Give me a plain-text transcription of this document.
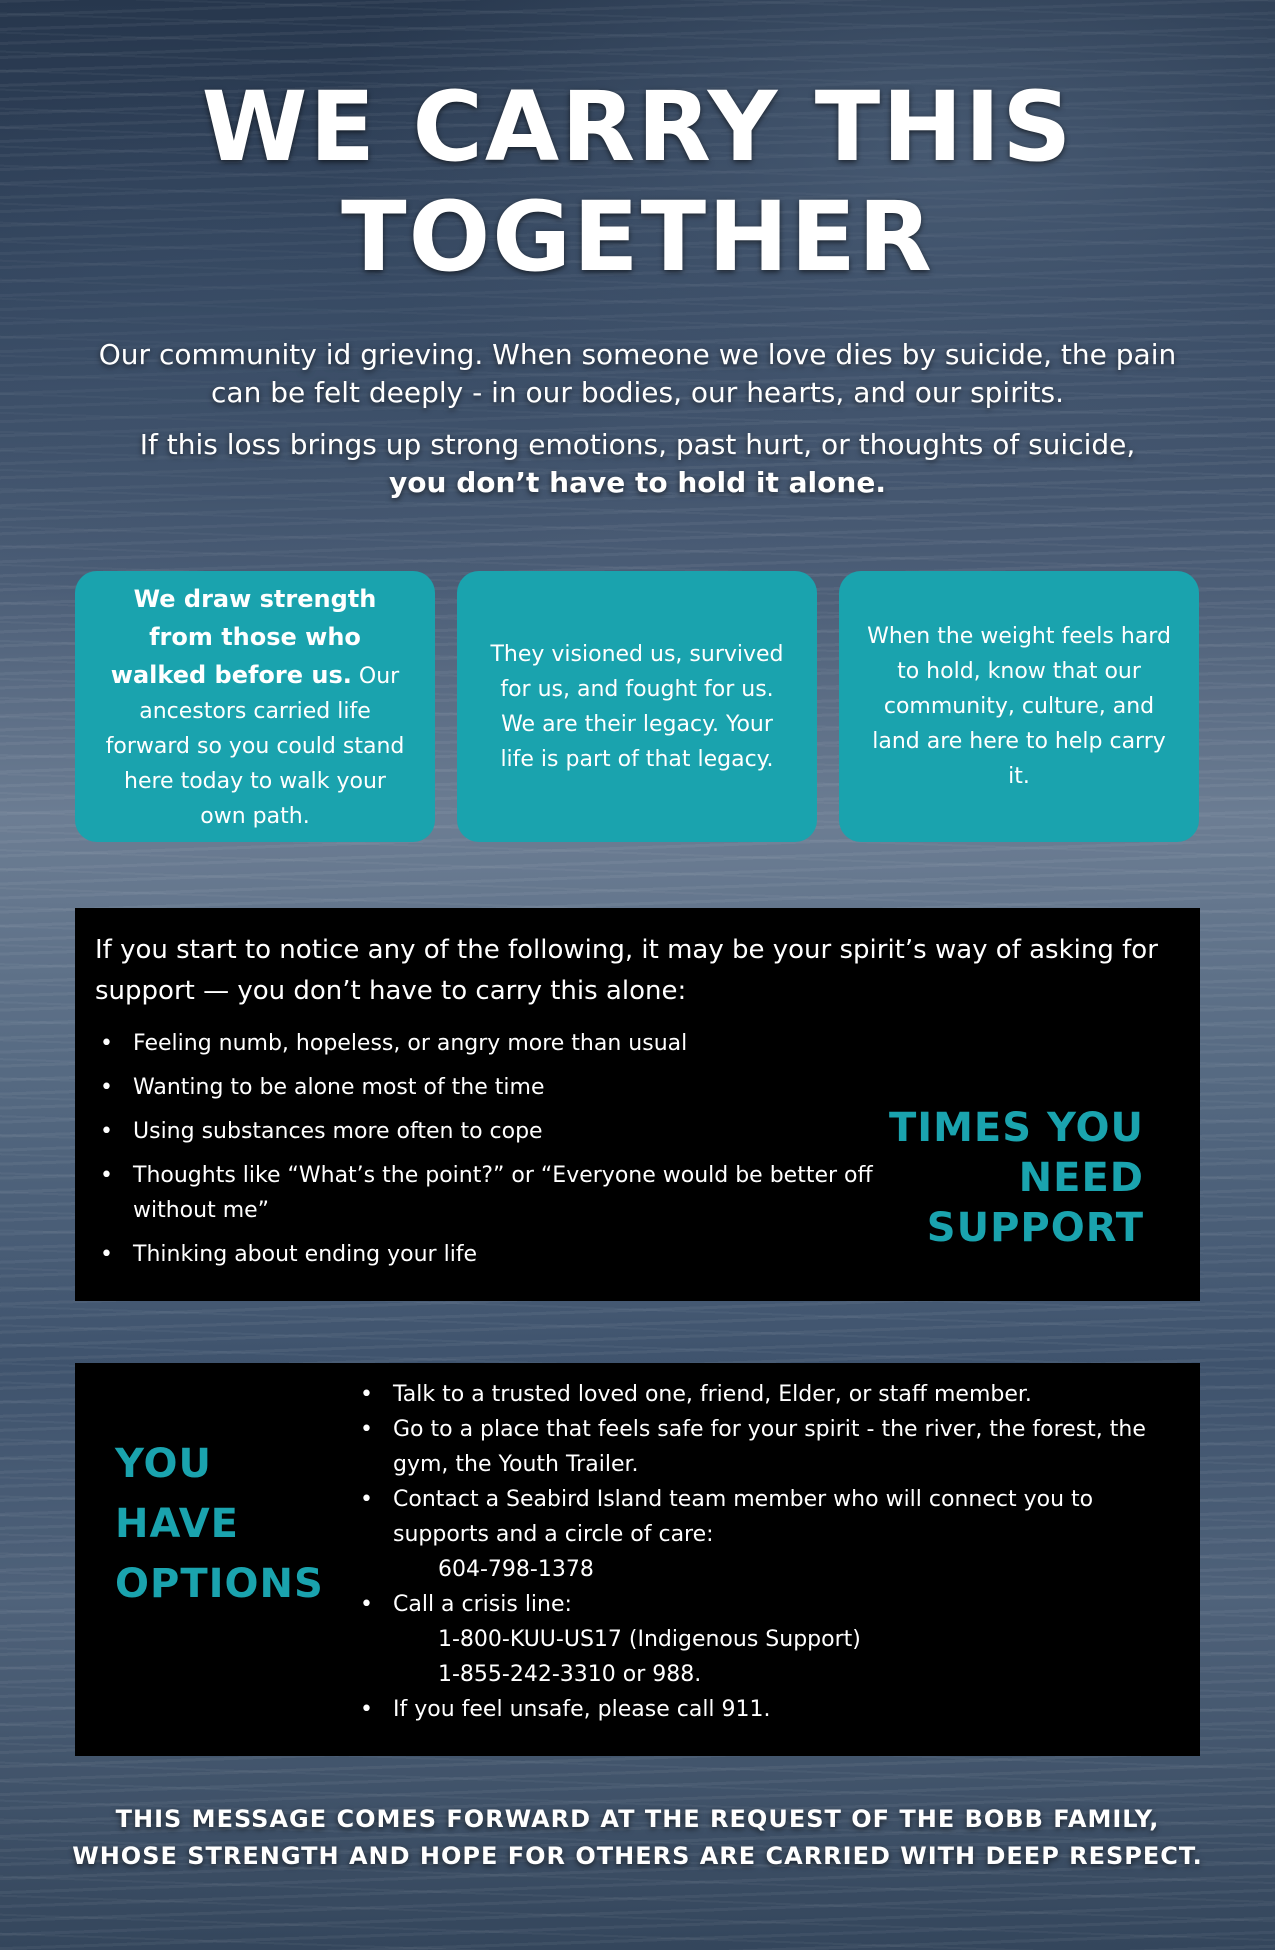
WE CARRY THIS
TOGETHER

Our community id grieving. When someone we love dies by suicide, the pain can be felt deeply - in our bodies, our hearts, and our spirits.

If this loss brings up strong emotions, past hurt, or thoughts of suicide,
you don’t have to hold it alone.

We draw strength from those who walked before us. Our ancestors carried life forward so you could stand here today to walk your own path.
They visioned us, survived for us, and fought for us. We are their legacy. Your life is part of that legacy.
When the weight feels hard to hold, know that our community, culture, and land are here to help carry it.

If you start to notice any of the following, it may be your spirit’s way of asking for support — you don’t have to carry this alone:

• Feeling numb, hopeless, or angry more than usual
• Wanting to be alone most of the time
• Using substances more often to cope
• Thoughts like “What’s the point?” or “Everyone would be better off without me”
• Thinking about ending your life
TIMES YOU
NEED
SUPPORT
YOU
HAVE
OPTIONS
• Talk to a trusted loved one, friend, Elder, or staff member.
• Go to a place that feels safe for your spirit - the river, the forest, the gym, the Youth Trailer.
• Contact a Seabird Island team member who will connect you to supports and a circle of care:
604-798-1378
• Call a crisis line:
1-800-KUU-US17 (Indigenous Support)
1-855-242-3310 or 988.
• If you feel unsafe, please call 911.
THIS MESSAGE COMES FORWARD AT THE REQUEST OF THE BOBB FAMILY,
WHOSE STRENGTH AND HOPE FOR OTHERS ARE CARRIED WITH DEEP RESPECT.
